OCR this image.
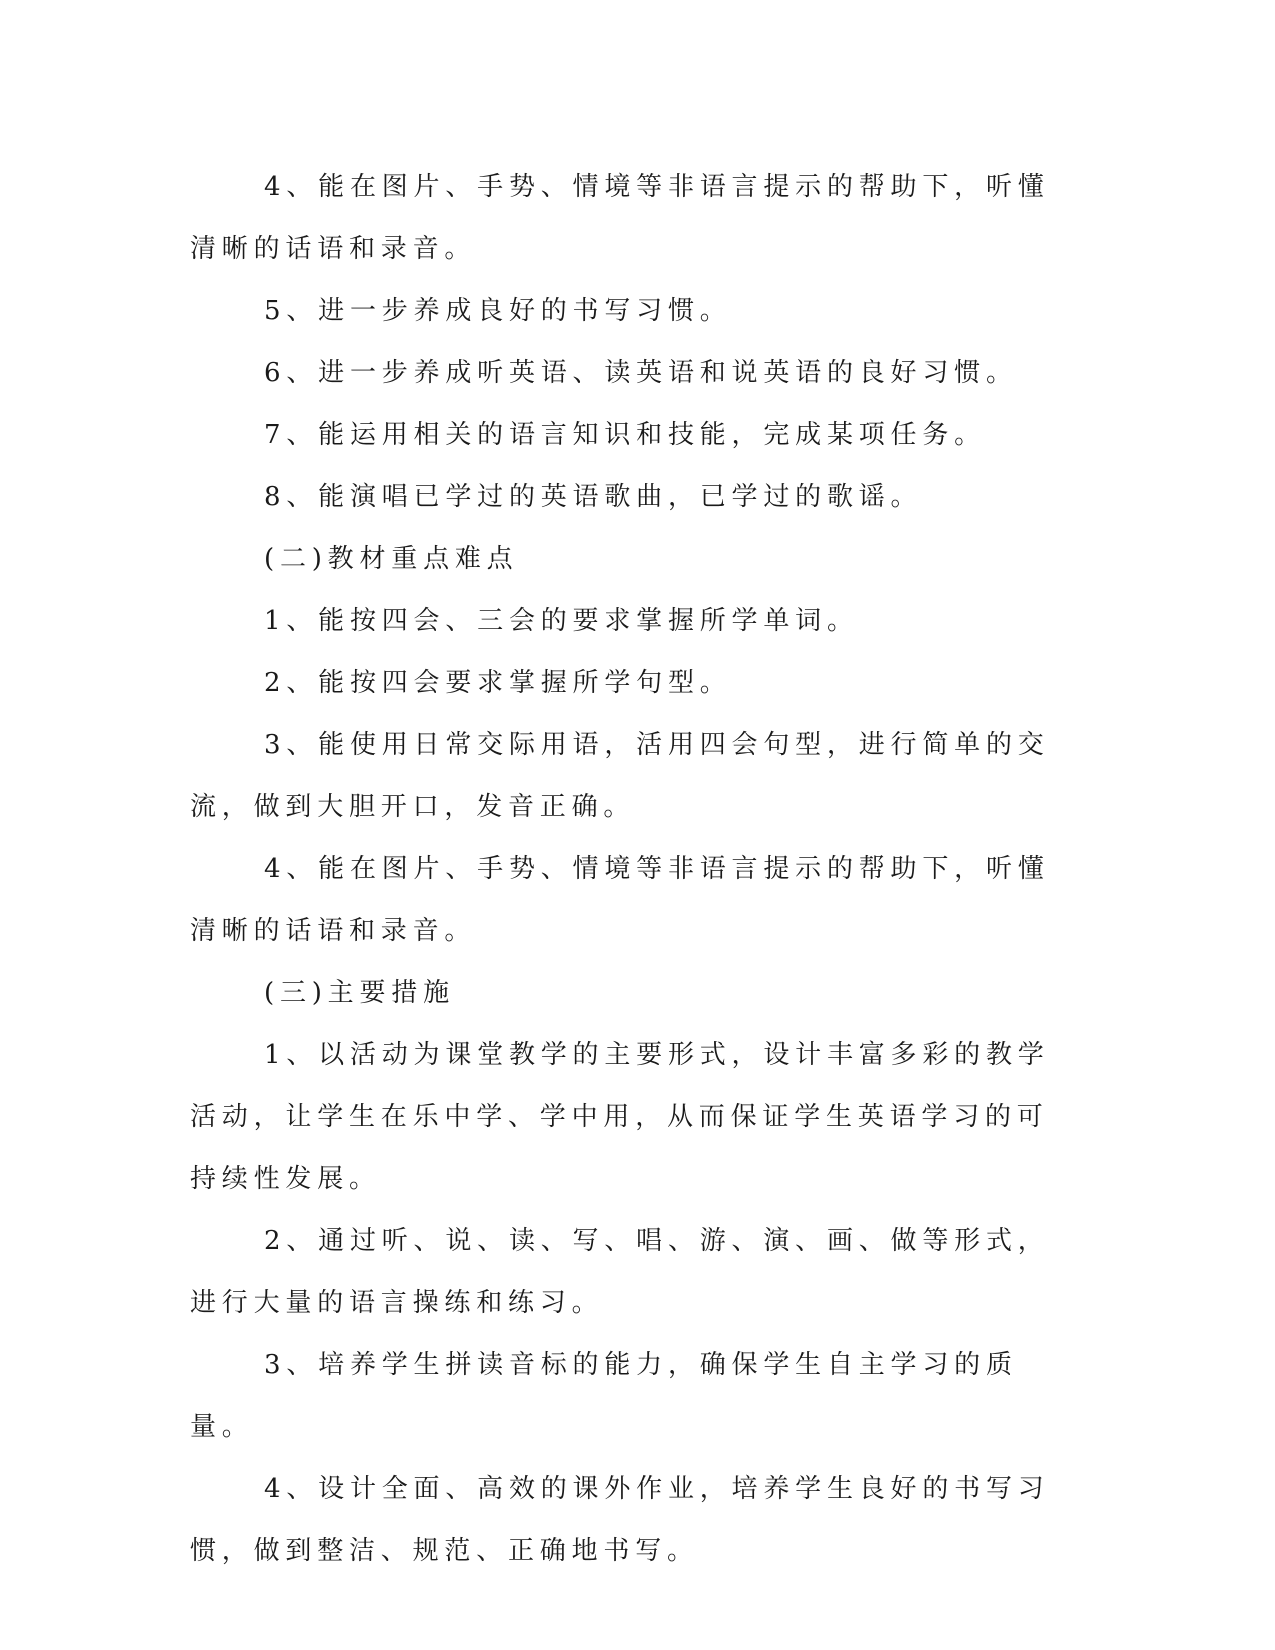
4、能在图片、手势、情境等非语言提示的帮助下，听懂清晰的话语和录音。

5、进一步养成良好的书写习惯。

6、进一步养成听英语、读英语和说英语的良好习惯。

7、能运用相关的语言知识和技能，完成某项任务。

8、能演唱已学过的英语歌曲，已学过的歌谣。

(二)教材重点难点

1、能按四会、三会的要求掌握所学单词。

2、能按四会要求掌握所学句型。

3、能使用日常交际用语，活用四会句型，进行简单的交流，做到大胆开口，发音正确。

4、能在图片、手势、情境等非语言提示的帮助下，听懂清晰的话语和录音。

(三)主要措施

1、以活动为课堂教学的主要形式，设计丰富多彩的教学活动，让学生在乐中学、学中用，从而保证学生英语学习的可持续性发展。

2、通过听、说、读、写、唱、游、演、画、做等形式，进行大量的语言操练和练习。

3、培养学生拼读音标的能力，确保学生自主学习的质量。

4、设计全面、高效的课外作业，培养学生良好的书写习惯，做到整洁、规范、正确地书写。
